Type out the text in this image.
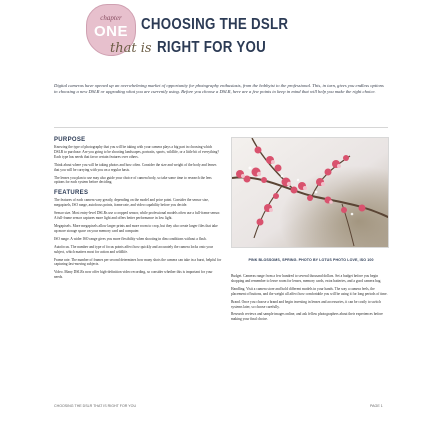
chapter
ONE CHOOSING THE DSLR
that is RIGHT FOR YOU
Digital cameras have opened up an overwhelming market of opportunity for photography enthusiasts, from the hobbyist to the professional. This, in turn, gives you endless options in choosing a new DSLR or upgrading what you are currently using. Before you choose a DSLR, here are a few points to keep in mind that will help you make the right choice.
PURPOSE

Knowing the type of photography that you will be taking with your camera plays a big part in choosing which DSLR to purchase. Are you going to be shooting landscapes, portraits, sports, wildlife, or a little bit of everything? Each type has needs that favor certain features over others.

Think about where you will be taking photos and how often. Consider the size and weight of the body and lenses that you will be carrying with you on a regular basis.

The lenses you plan to use may also guide your choice of camera body, so take some time to research the lens options for each system before deciding.

FEATURES

The features of each camera vary greatly, depending on the model and price point. Consider the sensor size, megapixels, ISO range, autofocus points, frame rate, and video capability before you decide.

Sensor size. Most entry-level DSLRs use a cropped sensor, while professional models often use a full-frame sensor. A full-frame sensor captures more light and offers better performance in low light.

Megapixels. More megapixels allow larger prints and more room to crop, but they also create larger files that take up more storage space on your memory card and computer.

ISO range. A wider ISO range gives you more flexibility when shooting in dim conditions without a flash.

Autofocus. The number and type of focus points affect how quickly and accurately the camera locks onto your subject, which matters most for action and wildlife.

Frame rate. The number of frames per second determines how many shots the camera can take in a burst, helpful for capturing fast-moving subjects.

Video. Many DSLRs now offer high-definition video recording, so consider whether this is important for your needs.

PINK BLOSSOMS, SPRING. PHOTO BY LOTUS PHOTO LOVE, ISO 100

Budget. Cameras range from a few hundred to several thousand dollars. Set a budget before you begin shopping and remember to leave room for lenses, memory cards, extra batteries, and a good camera bag.

Handling. Visit a camera store and hold different models in your hands. The way a camera feels, the placement of buttons, and the weight all affect how comfortable you will be using it for long periods of time.

Brand. Once you choose a brand and begin investing in lenses and accessories, it can be costly to switch systems later, so choose carefully.

Research reviews and sample images online, and ask fellow photographers about their experiences before making your final choice.

CHOOSING THE DSLR THAT IS RIGHT FOR YOU	PAGE 1
